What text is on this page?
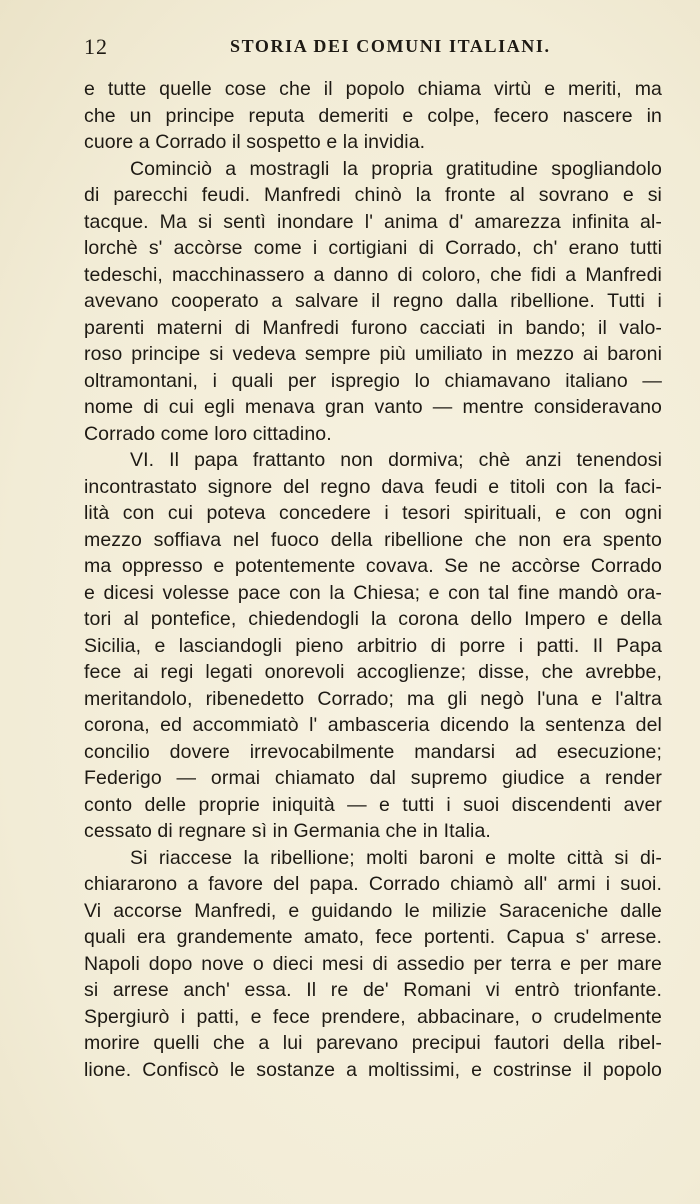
12	STORIA DEI COMUNI ITALIANI.
e tutte quelle cose che il popolo chiama virtù e meriti, ma
che un principe reputa demeriti e colpe, fecero nascere in
cuore a Corrado il sospetto e la invidia.
Cominciò a mostragli la propria gratitudine spogliandolo
di parecchi feudi. Manfredi chinò la fronte al sovrano e si
tacque. Ma si sentì inondare l' anima d' amarezza infinita al-
lorchè s' accòrse come i cortigiani di Corrado, ch' erano tutti
tedeschi, macchinassero a danno di coloro, che fidi a Manfredi
avevano cooperato a salvare il regno dalla ribellione. Tutti i
parenti materni di Manfredi furono cacciati in bando; il valo-
roso principe si vedeva sempre più umiliato in mezzo ai baroni
oltramontani, i quali per ispregio lo chiamavano italiano —
nome di cui egli menava gran vanto — mentre consideravano
Corrado come loro cittadino.
VI. Il papa frattanto non dormiva; chè anzi tenendosi
incontrastato signore del regno dava feudi e titoli con la faci-
lità con cui poteva concedere i tesori spirituali, e con ogni
mezzo soffiava nel fuoco della ribellione che non era spento
ma oppresso e potentemente covava. Se ne accòrse Corrado
e dicesi volesse pace con la Chiesa; e con tal fine mandò ora-
tori al pontefice, chiedendogli la corona dello Impero e della
Sicilia, e lasciandogli pieno arbitrio di porre i patti. Il Papa
fece ai regi legati onorevoli accoglienze; disse, che avrebbe,
meritandolo, ribenedetto Corrado; ma gli negò l'una e l'altra
corona, ed accommiatò l' ambasceria dicendo la sentenza del
concilio dovere irrevocabilmente mandarsi ad esecuzione;
Federigo — ormai chiamato dal supremo giudice a render
conto delle proprie iniquità — e tutti i suoi discendenti aver
cessato di regnare sì in Germania che in Italia.
Si riaccese la ribellione; molti baroni e molte città si di-
chiararono a favore del papa. Corrado chiamò all' armi i suoi.
Vi accorse Manfredi, e guidando le milizie Saraceniche dalle
quali era grandemente amato, fece portenti. Capua s' arrese.
Napoli dopo nove o dieci mesi di assedio per terra e per mare
si arrese anch' essa. Il re de' Romani vi entrò trionfante.
Spergiurò i patti, e fece prendere, abbacinare, o crudelmente
morire quelli che a lui parevano precipui fautori della ribel-
lione. Confiscò le sostanze a moltissimi, e costrinse il popolo
